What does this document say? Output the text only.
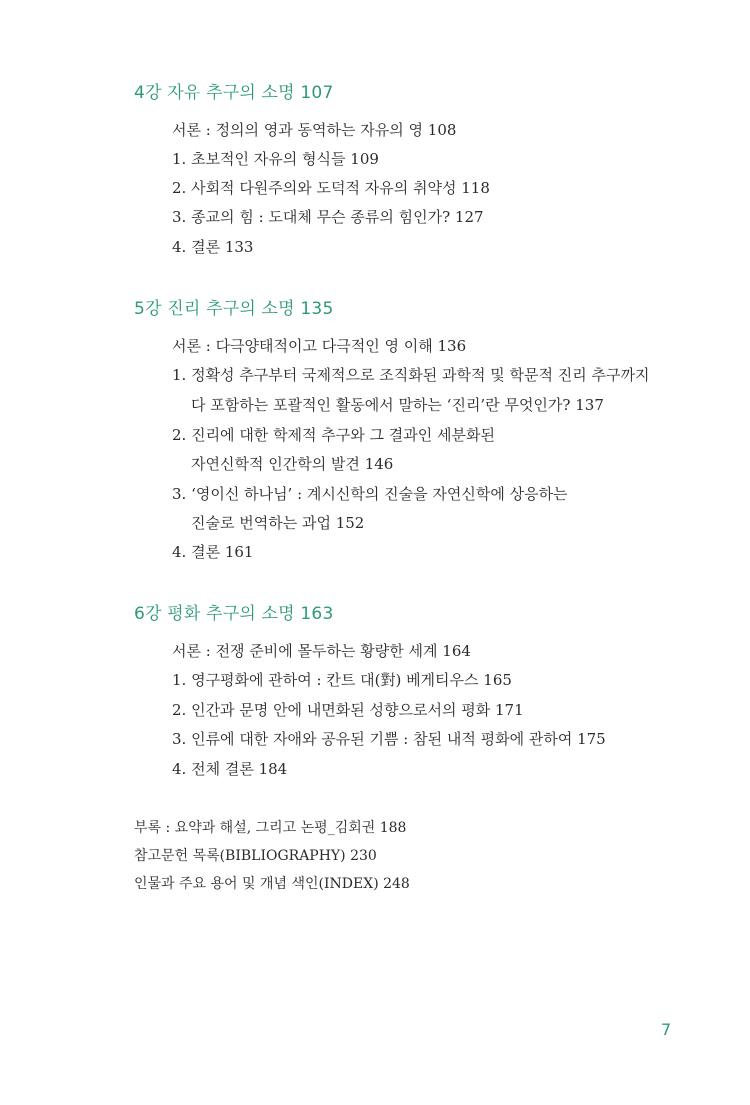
4강 자유 추구의 소명 107
서론 : 정의의 영과 동역하는 자유의 영 108
1. 초보적인 자유의 형식들 109
2. 사회적 다원주의와 도덕적 자유의 취약성 118
3. 종교의 힘 : 도대체 무슨 종류의 힘인가? 127
4. 결론 133
5강 진리 추구의 소명 135
서론 : 다극양태적이고 다극적인 영 이해 136
1. 정확성 추구부터 국제적으로 조직화된 과학적 및 학문적 진리 추구까지
다 포함하는 포괄적인 활동에서 말하는 ‘진리’란 무엇인가? 137
2. 진리에 대한 학제적 추구와 그 결과인 세분화된
자연신학적 인간학의 발견 146
3. ‘영이신 하나님’ : 계시신학의 진술을 자연신학에 상응하는
진술로 번역하는 과업 152
4. 결론 161
6강 평화 추구의 소명 163
서론 : 전쟁 준비에 몰두하는 황량한 세계 164
1. 영구평화에 관하여 : 칸트 대(對) 베게티우스 165
2. 인간과 문명 안에 내면화된 성향으로서의 평화 171
3. 인류에 대한 자애와 공유된 기쁨 : 참된 내적 평화에 관하여 175
4. 전체 결론 184
부록 : 요약과 해설, 그리고 논평_김회권 188
참고문헌 목록(BIBLIOGRAPHY) 230
인물과 주요 용어 및 개념 색인(INDEX) 248
7
